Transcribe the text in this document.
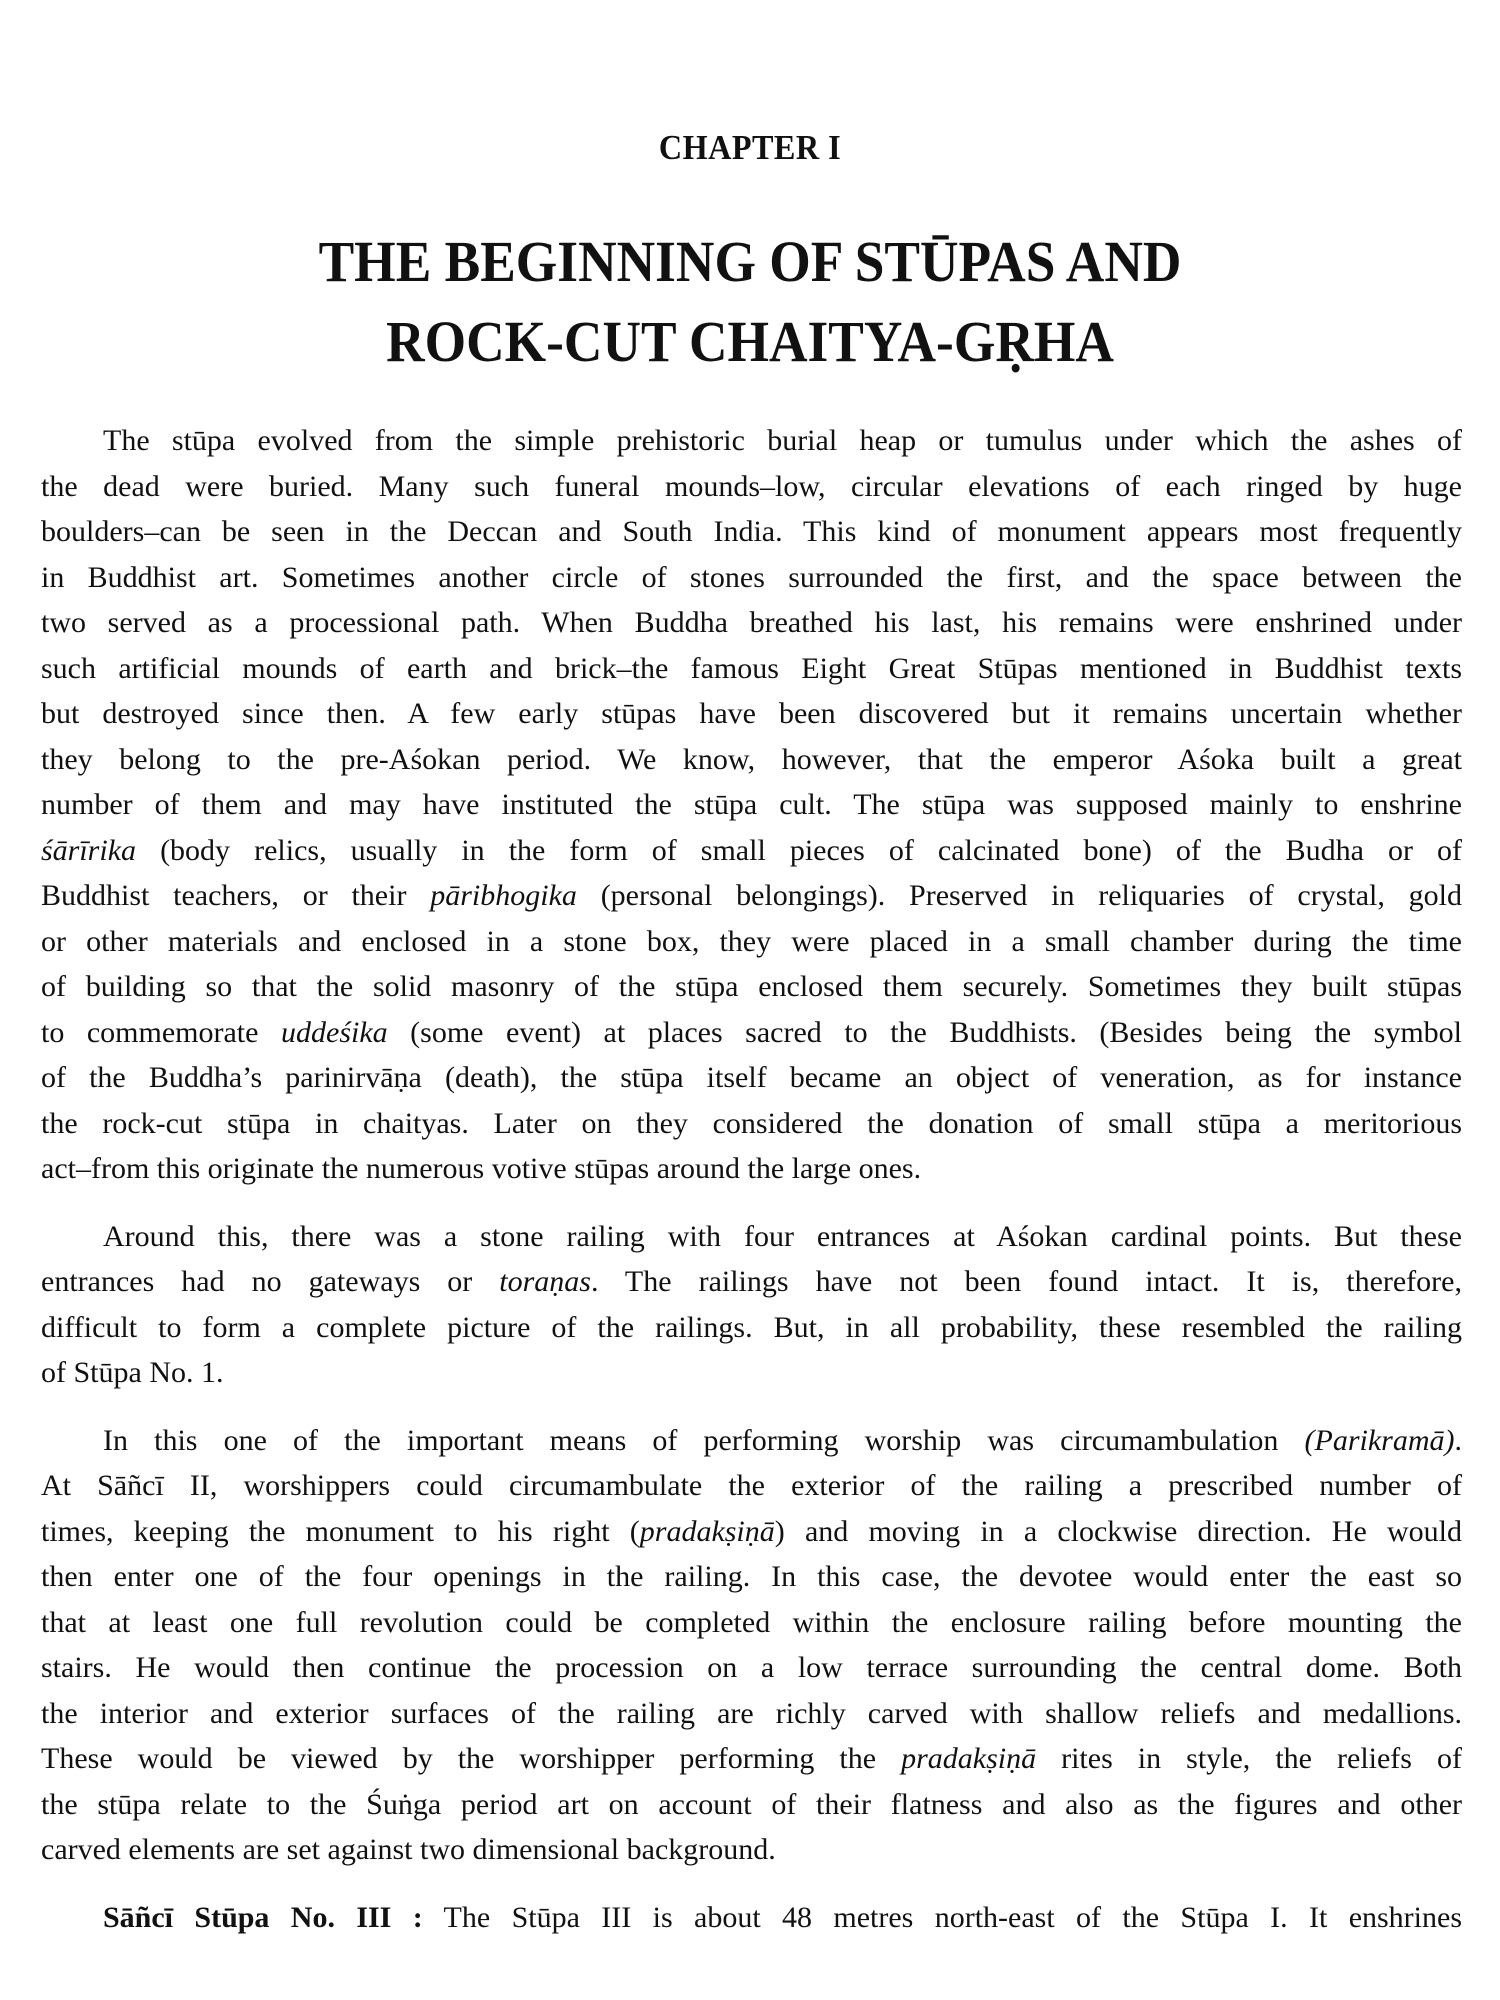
CHAPTER I
THE BEGINNING OF STŪPAS AND
ROCK-CUT CHAITYA-GṚHA
The stūpa evolved from the simple prehistoric burial heap or tumulus under which the ashes of
the dead were buried. Many such funeral mounds–low, circular elevations of each ringed by huge
boulders–can be seen in the Deccan and South India. This kind of monument appears most frequently
in Buddhist art. Sometimes another circle of stones surrounded the first, and the space between the
two served as a processional path. When Buddha breathed his last, his remains were enshrined under
such artificial mounds of earth and brick–the famous Eight Great Stūpas mentioned in Buddhist texts
but destroyed since then. A few early stūpas have been discovered but it remains uncertain whether
they belong to the pre-Aśokan period. We know, however, that the emperor Aśoka built a great
number of them and may have instituted the stūpa cult. The stūpa was supposed mainly to enshrine
śārīrika (body relics, usually in the form of small pieces of calcinated bone) of the Budha or of
Buddhist teachers, or their pāribhogika (personal belongings). Preserved in reliquaries of crystal, gold
or other materials and enclosed in a stone box, they were placed in a small chamber during the time
of building so that the solid masonry of the stūpa enclosed them securely. Sometimes they built stūpas
to commemorate uddeśika (some event) at places sacred to the Buddhists. (Besides being the symbol
of the Buddha’s parinirvāṇa (death), the stūpa itself became an object of veneration, as for instance
the rock-cut stūpa in chaityas. Later on they considered the donation of small stūpa a meritorious
act–from this originate the numerous votive stūpas around the large ones.
Around this, there was a stone railing with four entrances at Aśokan cardinal points. But these
entrances had no gateways or toraṇas. The railings have not been found intact. It is, therefore,
difficult to form a complete picture of the railings. But, in all probability, these resembled the railing
of Stūpa No. 1.
In this one of the important means of performing worship was circumambulation (Parikramā).
At Sāñcī II, worshippers could circumambulate the exterior of the railing a prescribed number of
times, keeping the monument to his right (pradakṣiṇā) and moving in a clockwise direction. He would
then enter one of the four openings in the railing. In this case, the devotee would enter the east so
that at least one full revolution could be completed within the enclosure railing before mounting the
stairs. He would then continue the procession on a low terrace surrounding the central dome. Both
the interior and exterior surfaces of the railing are richly carved with shallow reliefs and medallions.
These would be viewed by the worshipper performing the pradakṣiṇā rites in style, the reliefs of
the stūpa relate to the Śuṅga period art on account of their flatness and also as the figures and other
carved elements are set against two dimensional background.
Sāñcī Stūpa No. III : The Stūpa III is about 48 metres north-east of the Stūpa I. It enshrines
